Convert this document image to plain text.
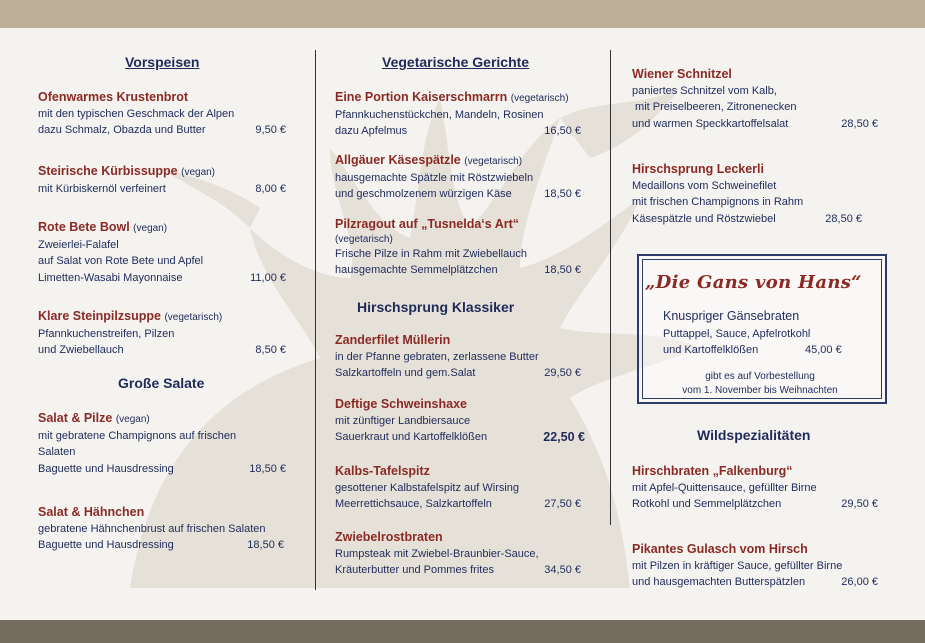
Vorspeisen
Ofenwarmes Krustenbrot
mit den typischen Geschmack der Alpen
dazu Schmalz, Obazda und Butter	9,50 €
Steirische Kürbissuppe (vegan)
mit Kürbiskernöl verfeinert	8,00 €
Rote Bete Bowl (vegan)
Zweierlei-Falafel
auf Salat von Rote Bete und Apfel
Limetten-Wasabi Mayonnaise	11,00 €
Klare Steinpilzsuppe (vegetarisch)
Pfannkuchenstreifen, Pilzen
und Zwiebellauch	8,50 €
Große Salate
Salat & Pilze (vegan)
mit gebratene Champignons auf frischen
Salaten
Baguette und Hausdressing	18,50 €
Salat & Hähnchen
gebratene Hähnchenbrust auf frischen Salaten
Baguette und Hausdressing	18,50 €
Vegetarische Gerichte
Eine Portion Kaiserschmarrn (vegetarisch)
Pfannkuchenstückchen, Mandeln, Rosinen
dazu Apfelmus	16,50 €
Allgäuer Käsespätzle (vegetarisch)
hausgemachte Spätzle mit Röstzwiebeln
und geschmolzenem würzigen Käse	18,50 €
Pilzragout auf „Tusnelda‘s Art“
(vegetarisch)
Frische Pilze in Rahm mit Zwiebellauch
hausgemachte Semmelplätzchen	18,50 €
Hirschsprung Klassiker
Zanderfilet Müllerin
in der Pfanne gebraten, zerlassene Butter
Salzkartoffeln und gem.Salat	29,50 €
Deftige Schweinshaxe
mit zünftiger Landbiersauce
Sauerkraut und Kartoffelklößen	22,50 €
Kalbs-Tafelspitz
gesottener Kalbstafelspitz auf Wirsing
Meerrettichsauce, Salzkartoffeln	27,50 €
Zwiebelrostbraten
Rumpsteak mit Zwiebel-Braunbier-Sauce,
Kräuterbutter und Pommes frites	34,50 €
Wiener Schnitzel
paniertes Schnitzel vom Kalb,
mit Preiselbeeren, Zitronenecken
und warmen Speckkartoffelsalat	28,50 €
Hirschsprung Leckerli
Medaillons vom Schweinefilet
mit frischen Champignons in Rahm
Käsespätzle und Röstzwiebel	28,50 €
„Die Gans von Hans“
Knuspriger Gänsebraten
Puttappel, Sauce, Apfelrotkohl
und Kartoffelklößen	45,00 €
gibt es auf Vorbestellung
vom 1. November bis Weihnachten
Wildspezialitäten
Hirschbraten „Falkenburg“
mit Apfel-Quittensauce, gefüllter Birne
Rotkohl und Semmelplätzchen	29,50 €
Pikantes Gulasch vom Hirsch
mit Pilzen in kräftiger Sauce, gefüllter Birne
und hausgemachten Butterspätzlen	26,00 €
